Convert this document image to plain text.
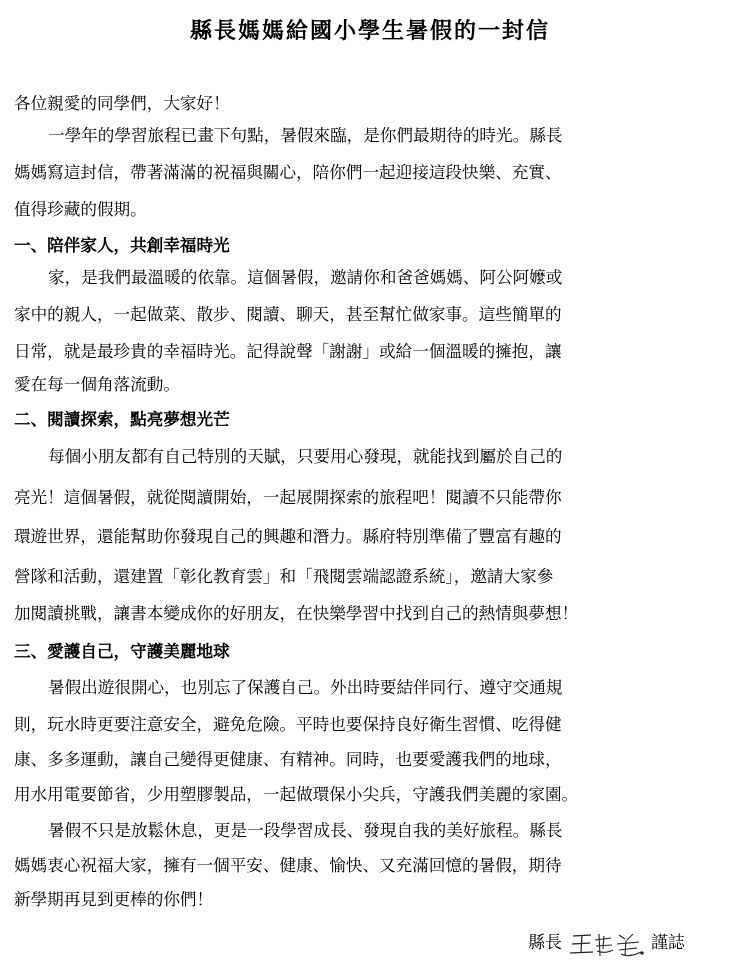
縣長媽媽給國小學生暑假的一封信

各位親愛的同學們，大家好！

一學年的學習旅程已畫下句點，暑假來臨，是你們最期待的時光。縣長

媽媽寫這封信，帶著滿滿的祝福與關心，陪你們一起迎接這段快樂、充實、

值得珍藏的假期。

一、陪伴家人，共創幸福時光

家，是我們最溫暖的依靠。這個暑假，邀請你和爸爸媽媽、阿公阿嬤或

家中的親人，一起做菜、散步、閱讀、聊天，甚至幫忙做家事。這些簡單的

日常，就是最珍貴的幸福時光。記得說聲「謝謝」或給一個溫暖的擁抱，讓

愛在每一個角落流動。

二、閱讀探索，點亮夢想光芒

每個小朋友都有自己特別的天賦，只要用心發現，就能找到屬於自己的

亮光！這個暑假，就從閱讀開始，一起展開探索的旅程吧！閱讀不只能帶你

環遊世界，還能幫助你發現自己的興趣和潛力。縣府特別準備了豐富有趣的

營隊和活動，還建置「彰化教育雲」和「飛閱雲端認證系統」，邀請大家參

加閱讀挑戰，讓書本變成你的好朋友，在快樂學習中找到自己的熱情與夢想！

三、愛護自己，守護美麗地球

暑假出遊很開心，也別忘了保護自己。外出時要結伴同行、遵守交通規

則，玩水時更要注意安全，避免危險。平時也要保持良好衛生習慣、吃得健

康、多多運動，讓自己變得更健康、有精神。同時，也要愛護我們的地球，

用水用電要節省，少用塑膠製品，一起做環保小尖兵，守護我們美麗的家園。

暑假不只是放鬆休息，更是一段學習成長、發現自我的美好旅程。縣長

媽媽衷心祝福大家，擁有一個平安、健康、愉快、又充滿回憶的暑假，期待

新學期再見到更棒的你們！

縣長	謹誌
